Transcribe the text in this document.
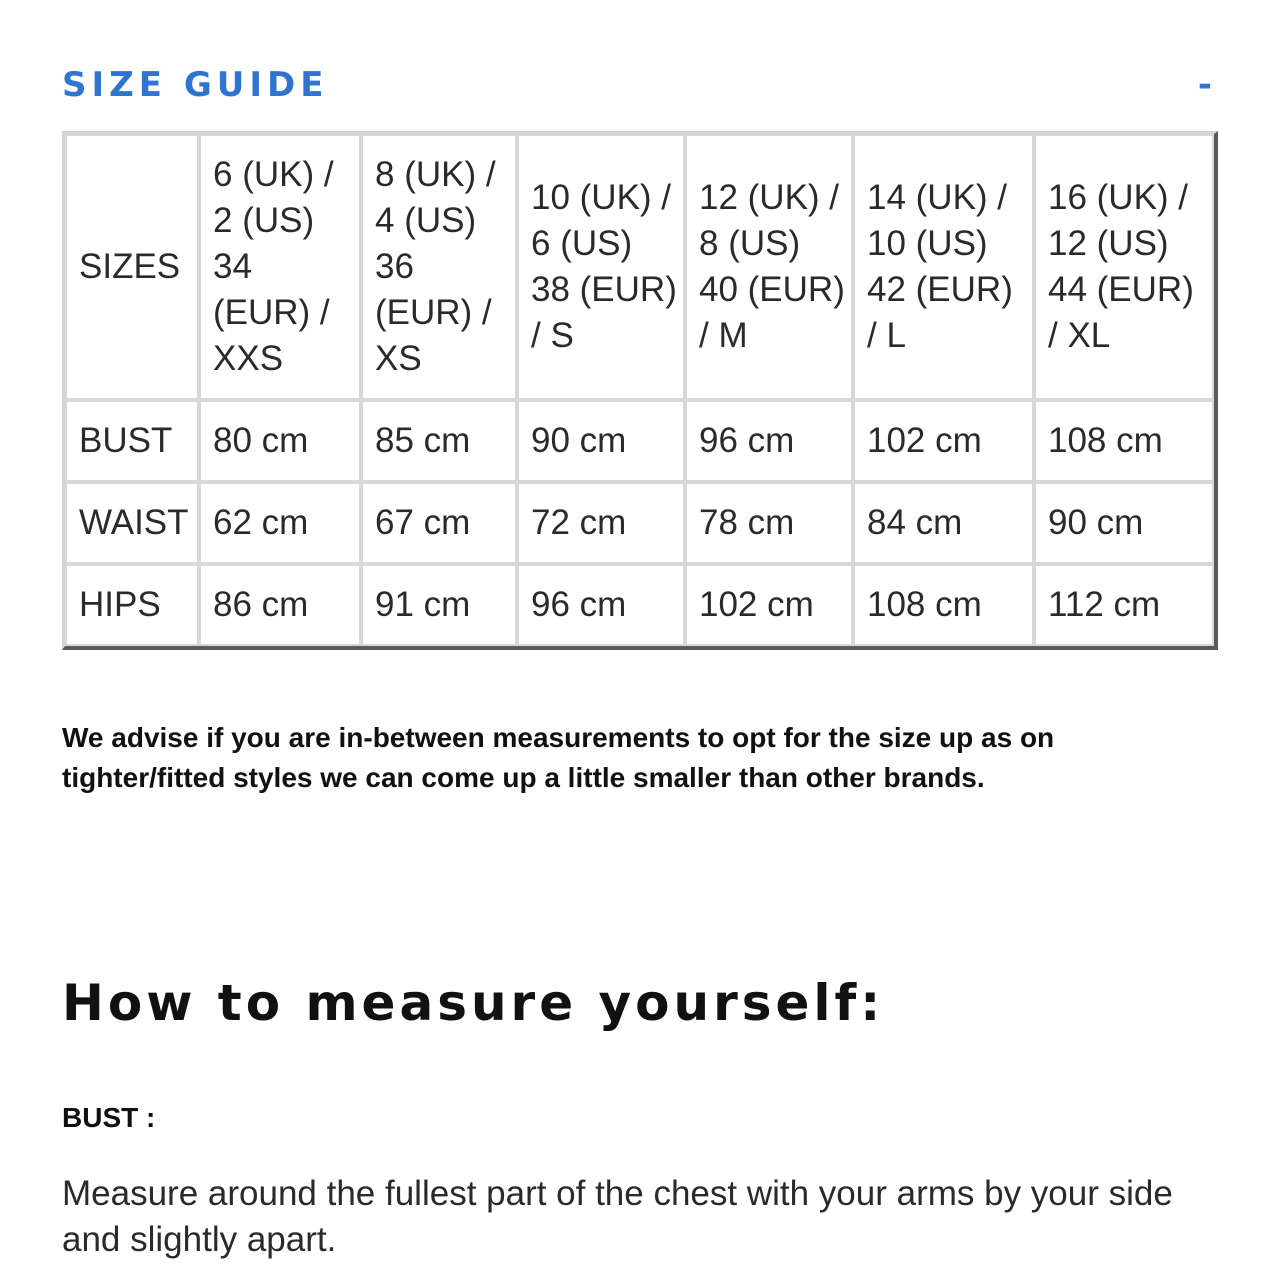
SIZE GUIDE	-
SIZES	6 (UK) / 2 (US) 34 (EUR) / XXS	8 (UK) / 4 (US) 36 (EUR) / XS	10 (UK) / 6 (US) 38 (EUR) / S	12 (UK) / 8 (US) 40 (EUR) / M	14 (UK) / 10 (US) 42 (EUR) / L	16 (UK) / 12 (US) 44 (EUR) / XL
BUST	80 cm	85 cm	90 cm	96 cm	102 cm	108 cm
WAIST	62 cm	67 cm	72 cm	78 cm	84 cm	90 cm
HIPS	86 cm	91 cm	96 cm	102 cm	108 cm	112 cm

We advise if you are in-between measurements to opt for the size up as on tighter/fitted styles we can come up a little smaller than other brands.

How to measure yourself:

BUST :

Measure around the fullest part of the chest with your arms by your side and slightly apart.
